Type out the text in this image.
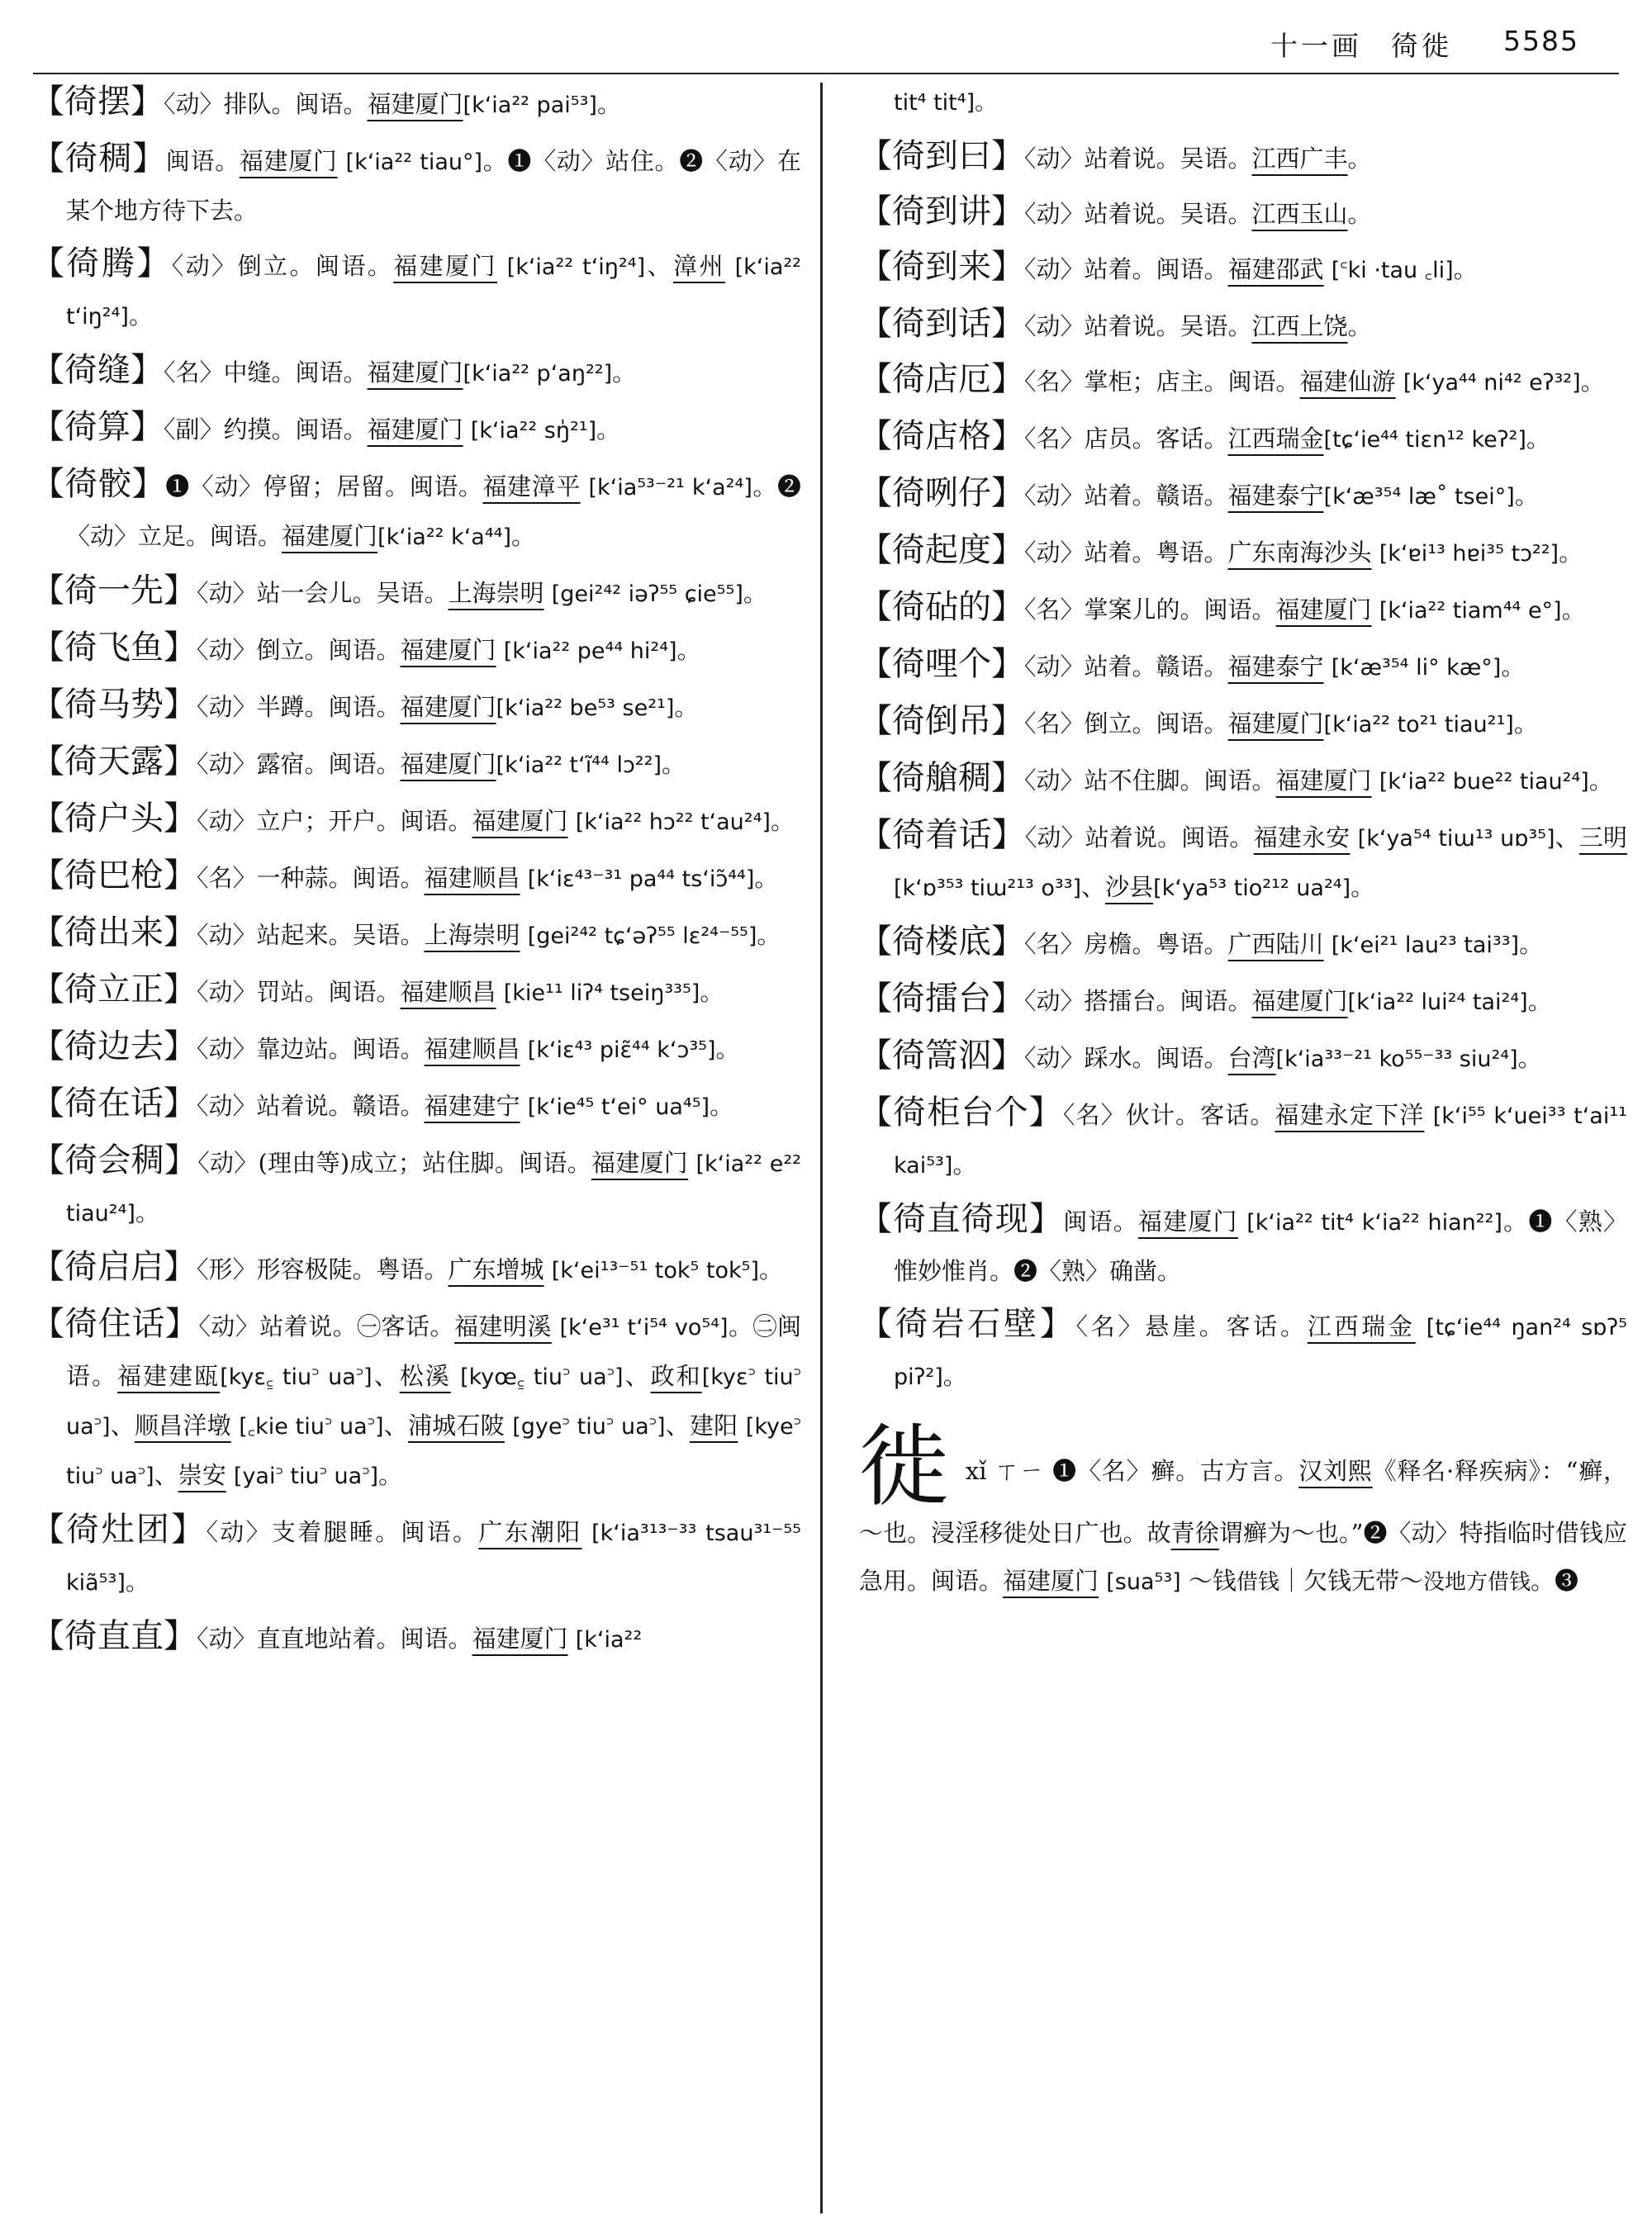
十一画 徛徙 5585
【徛摆】〈动〉排队。闽语。福建厦门[k‘ia²² pai⁵³]。
【徛稠】闽语。福建厦门 [k‘ia²² tiau°]。❶〈动〉站住。❷〈动〉在某个地方待下去。
【徛腾】〈动〉倒立。闽语。福建厦门 [k‘ia²² t‘iŋ²⁴]、漳州 [k‘ia²² t‘iŋ²⁴]。
【徛缝】〈名〉中缝。闽语。福建厦门[k‘ia²² p‘aŋ²²]。
【徛算】〈副〉约摸。闽语。福建厦门 [k‘ia²² sŋ̍²¹]。
【徛骹】❶〈动〉停留；居留。闽语。福建漳平 [k‘ia⁵³⁻²¹ k‘a²⁴]。❷〈动〉立足。闽语。福建厦门[k‘ia²² k‘a⁴⁴]。
【徛一先】〈动〉站一会儿。吴语。上海崇明 [gei²⁴² iəʔ⁵⁵ ɕie⁵⁵]。
【徛飞鱼】〈动〉倒立。闽语。福建厦门 [k‘ia²² pe⁴⁴ hi²⁴]。
【徛马势】〈动〉半蹲。闽语。福建厦门[k‘ia²² be⁵³ se²¹]。
【徛天露】〈动〉露宿。闽语。福建厦门[k‘ia²² t‘ĩ⁴⁴ lɔ²²]。
【徛户头】〈动〉立户；开户。闽语。福建厦门 [k‘ia²² hɔ²² t‘au²⁴]。
【徛巴枪】〈名〉一种蒜。闽语。福建顺昌 [k‘iɛ⁴³⁻³¹ pa⁴⁴ ts‘iɔ̃⁴⁴]。
【徛出来】〈动〉站起来。吴语。上海崇明 [gei²⁴² tɕ‘əʔ⁵⁵ lɛ²⁴⁻⁵⁵]。
【徛立正】〈动〉罚站。闽语。福建顺昌 [kie¹¹ liʔ⁴ tseiŋ³³⁵]。
【徛边去】〈动〉靠边站。闽语。福建顺昌 [k‘iɛ⁴³ piɛ̃⁴⁴ k‘ɔ³⁵]。
【徛在话】〈动〉站着说。赣语。福建建宁 [k‘ie⁴⁵ t‘ei° ua⁴⁵]。
【徛会稠】〈动〉(理由等)成立；站住脚。闽语。福建厦门 [k‘ia²² e²² tiau²⁴]。
【徛启启】〈形〉形容极陡。粤语。广东增城 [k‘ei¹³⁻⁵¹ tok⁵ tok⁵]。
【徛住话】〈动〉站着说。㊀客话。福建明溪 [k‘e³¹ t‘i⁵⁴ vo⁵⁴]。㊁闽语。福建建瓯[kyɛ꜁ tiu꜄ ua꜄]、松溪 [kyœ꜁ tiu꜄ ua꜄]、政和[kyɛ꜄ tiu꜄ ua꜄]、顺昌洋墩 [꜀kie tiu꜄ ua꜄]、浦城石陂 [gye꜄ tiu꜄ ua꜄]、建阳 [kye꜄ tiu꜄ ua꜄]、崇安 [yai꜄ tiu꜄ ua꜄]。
【徛灶团】〈动〉支着腿睡。闽语。广东潮阳 [k‘ia³¹³⁻³³ tsau³¹⁻⁵⁵ kiã⁵³]。
【徛直直】〈动〉直直地站着。闽语。福建厦门 [k‘ia²²
tit⁴ tit⁴]。
【徛到曰】〈动〉站着说。吴语。江西广丰。
【徛到讲】〈动〉站着说。吴语。江西玉山。
【徛到来】〈动〉站着。闽语。福建邵武 [꜂ki ·tau ꜀li]。
【徛到话】〈动〉站着说。吴语。江西上饶。
【徛店厄】〈名〉掌柜；店主。闽语。福建仙游 [k‘ya⁴⁴ ni⁴² eʔ³²]。
【徛店格】〈名〉店员。客话。江西瑞金[tɕ‘ie⁴⁴ tiɛn¹² keʔ²]。
【徛咧仔】〈动〉站着。赣语。福建泰宁[k‘æ³⁵⁴ læ˚ tsei°]。
【徛起度】〈动〉站着。粤语。广东南海沙头 [k‘ɐi¹³ hɐi³⁵ tɔ²²]。
【徛砧的】〈名〉掌案儿的。闽语。福建厦门 [k‘ia²² tiam⁴⁴ e°]。
【徛哩个】〈动〉站着。赣语。福建泰宁 [k‘æ³⁵⁴ li° kæ°]。
【徛倒吊】〈名〉倒立。闽语。福建厦门[k‘ia²² to²¹ tiau²¹]。
【徛艙稠】〈动〉站不住脚。闽语。福建厦门 [k‘ia²² bue²² tiau²⁴]。
【徛着话】〈动〉站着说。闽语。福建永安 [k‘ya⁵⁴ tiɯ¹³ uɒ³⁵]、三明[k‘ɒ³⁵³ tiɯ²¹³ o³³]、沙县[k‘ya⁵³ tio²¹² ua²⁴]。
【徛楼底】〈名〉房檐。粤语。广西陆川 [k‘ei²¹ lau²³ tai³³]。
【徛擂台】〈动〉搭擂台。闽语。福建厦门[k‘ia²² lui²⁴ tai²⁴]。
【徛篙泅】〈动〉踩水。闽语。台湾[k‘ia³³⁻²¹ ko⁵⁵⁻³³ siu²⁴]。
【徛柜台个】〈名〉伙计。客话。福建永定下洋 [k‘i⁵⁵ k‘uei³³ t‘ai¹¹ kai⁵³]。
【徛直徛现】闽语。福建厦门 [k‘ia²² tit⁴ k‘ia²² hian²²]。❶〈熟〉惟妙惟肖。❷〈熟〉确凿。
【徛岩石壁】〈名〉悬崖。客话。江西瑞金 [tɕ‘ie⁴⁴ ŋan²⁴ sɒʔ⁵ piʔ²]。
徙 xǐ ㄒㄧ ❶〈名〉癣。古方言。汉刘熙《释名·释疾病》：“癣，～也。浸淫移徙处日广也。故青徐谓癣为～也。”❷〈动〉特指临时借钱应急用。闽语。福建厦门 [sua⁵³] ～钱借钱｜欠钱无带～没地方借钱。❸
